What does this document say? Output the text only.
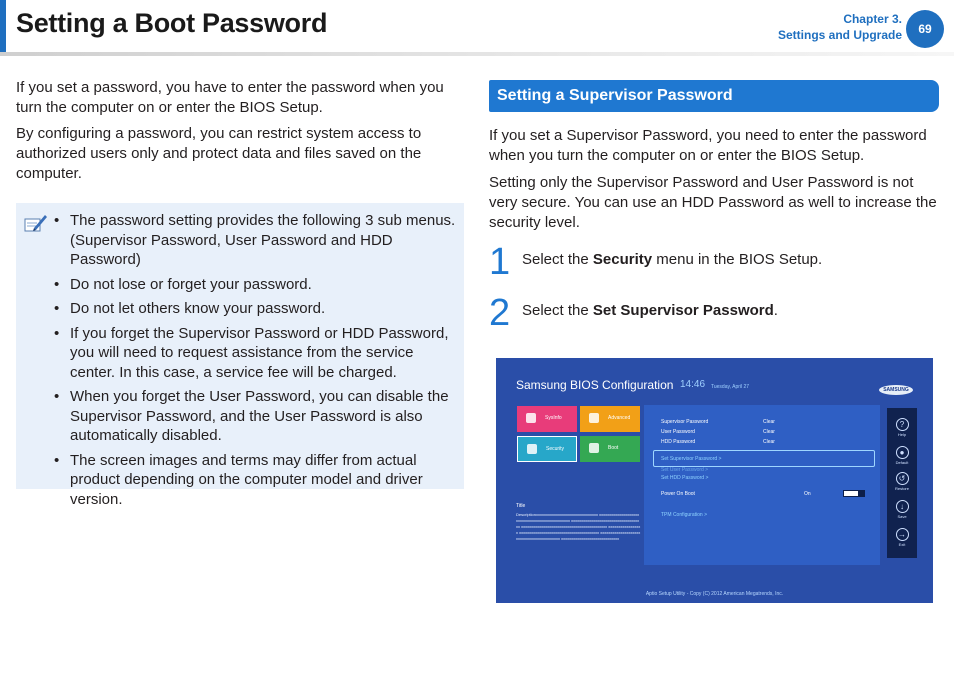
Setting a Boot Password	Chapter 3.
Settings and Upgrade	69

If you set a password, you have to enter the password when you turn the computer on or enter the BIOS Setup.

By configuring a password, you can restrict system access to authorized users only and protect data and files saved on the computer.

• The password setting provides the following 3 sub menus. (Supervisor Password, User Password and HDD Password)
• Do not lose or forget your password.
• Do not let others know your password.
• If you forget the Supervisor Password or HDD Password, you will need to request assistance from the service center. In this case, a service fee will be charged.
• When you forget the User Password, you can disable the Supervisor Password, and the User Password is also automatically disabled.
• The screen images and terms may differ from actual product depending on the computer model and driver version.
Setting a Supervisor Password

If you set a Supervisor Password, you need to enter the password when you turn the computer on or enter the BIOS Setup.

Setting only the Supervisor Password and User Password is not very secure. You can use an HDD Password as well to increase the security level.

1 Select the Security menu in the BIOS Setup.
2 Select the Set Supervisor Password.
Samsung BIOS Configuration 14:46 Tuesday, April 27	SAMSUNG
SysInfo	Advanced
Security	Boot
Title
Descriptionxxxxxxxxxxxxxxxxxxxxxxxxxxxxxxx xxxxxxxxxxxxxxxxxxxxxxxxxxxxxxxxxxxxxxxxxxxxxxx xxxxxxxxxxxxxxxxxxxxxxxxxxxxxxxxxxxx xxxxxxxxxxxxxxxxxxxxxxxxxxxxxxxxxxxxxxxxxxx xxxxxxxxxxxxxxxxx xxxxxxxxxxxxxxxxxxxxxxxxxxxxxxxxxxxxxxxx xxxxxxxxxxxxxxxxxxxxxxxxxxxxxxxxxxxxxxxxxx xxxxxxxxxxxxxxxxxxxxxxxxxxxxx
Supervisor Password	Clear
User Password	Clear
HDD Password	Clear
Set Supervisor Password >
Set User Password >
Set HDD Password >
Power On Boot	On
TPM Configuration >
?
Help
●
Default
↺
Restore
↓
Save
→
Exit
Aptio Setup Utility - Copy (C) 2012 American Megatrends, Inc.
